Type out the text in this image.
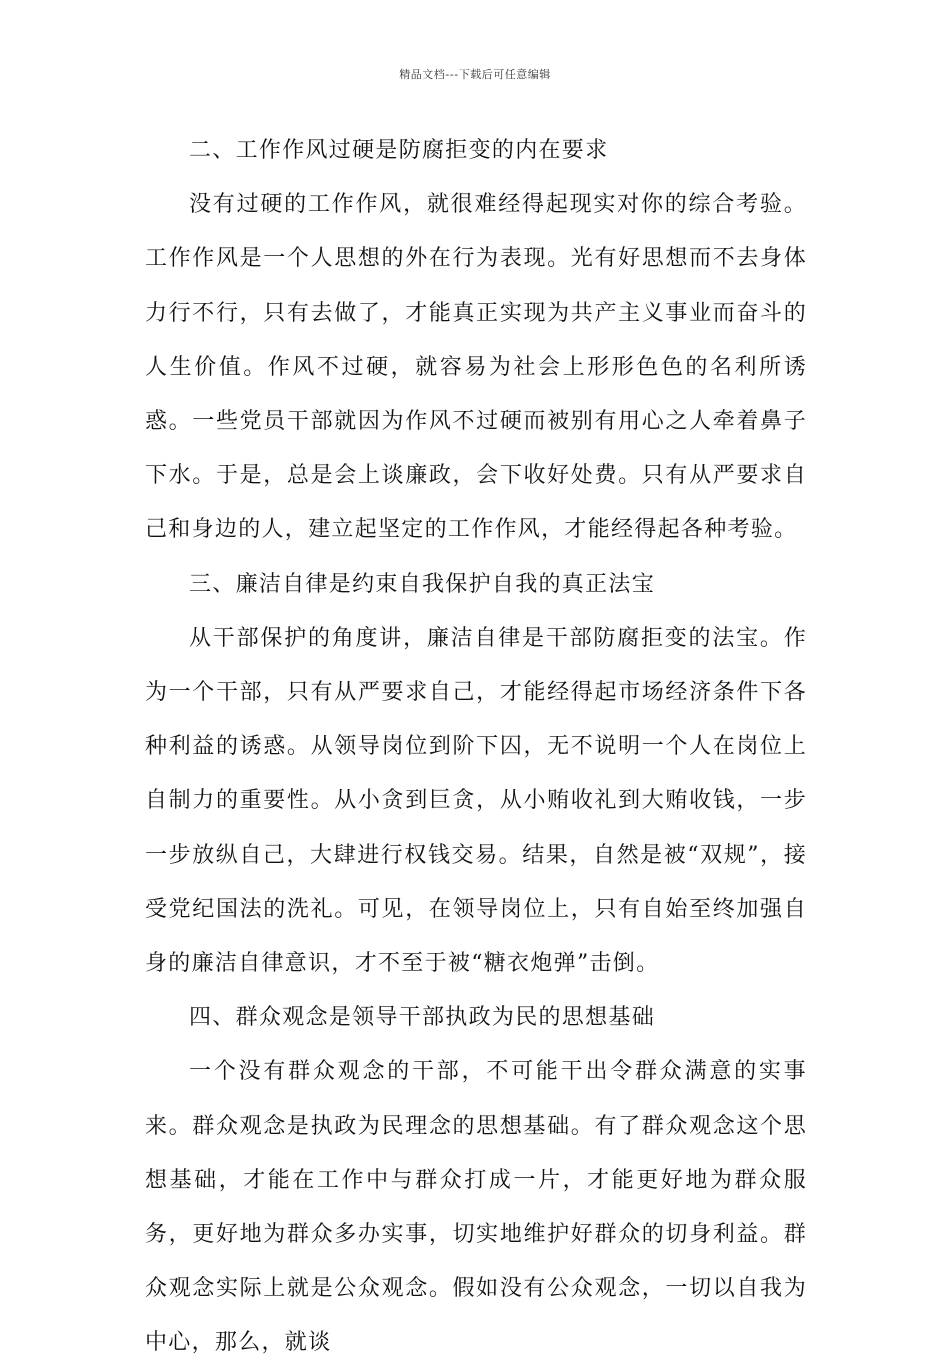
精品文档---下载后可任意编辑

二、工作作风过硬是防腐拒变的内在要求

没有过硬的工作作风，就很难经得起现实对你的综合考验。工作作风是一个人思想的外在行为表现。光有好思想而不去身体力行不行，只有去做了，才能真正实现为共产主义事业而奋斗的人生价值。作风不过硬，就容易为社会上形形色色的名利所诱惑。一些党员干部就因为作风不过硬而被别有用心之人牵着鼻子下水。于是，总是会上谈廉政，会下收好处费。只有从严要求自己和身边的人，建立起坚定的工作作风，才能经得起各种考验。

三、廉洁自律是约束自我保护自我的真正法宝

从干部保护的角度讲，廉洁自律是干部防腐拒变的法宝。作为一个干部，只有从严要求自己，才能经得起市场经济条件下各种利益的诱惑。从领导岗位到阶下囚，无不说明一个人在岗位上自制力的重要性。从小贪到巨贪，从小贿收礼到大贿收钱，一步一步放纵自己，大肆进行权钱交易。结果，自然是被“双规”，接受党纪国法的洗礼。可见，在领导岗位上，只有自始至终加强自身的廉洁自律意识，才不至于被“糖衣炮弹”击倒。

四、群众观念是领导干部执政为民的思想基础

一个没有群众观念的干部，不可能干出令群众满意的实事来。群众观念是执政为民理念的思想基础。有了群众观念这个思想基础，才能在工作中与群众打成一片，才能更好地为群众服务，更好地为群众多办实事，切实地维护好群众的切身利益。群众观念实际上就是公众观念。假如没有公众观念，一切以自我为中心，那么，就谈
